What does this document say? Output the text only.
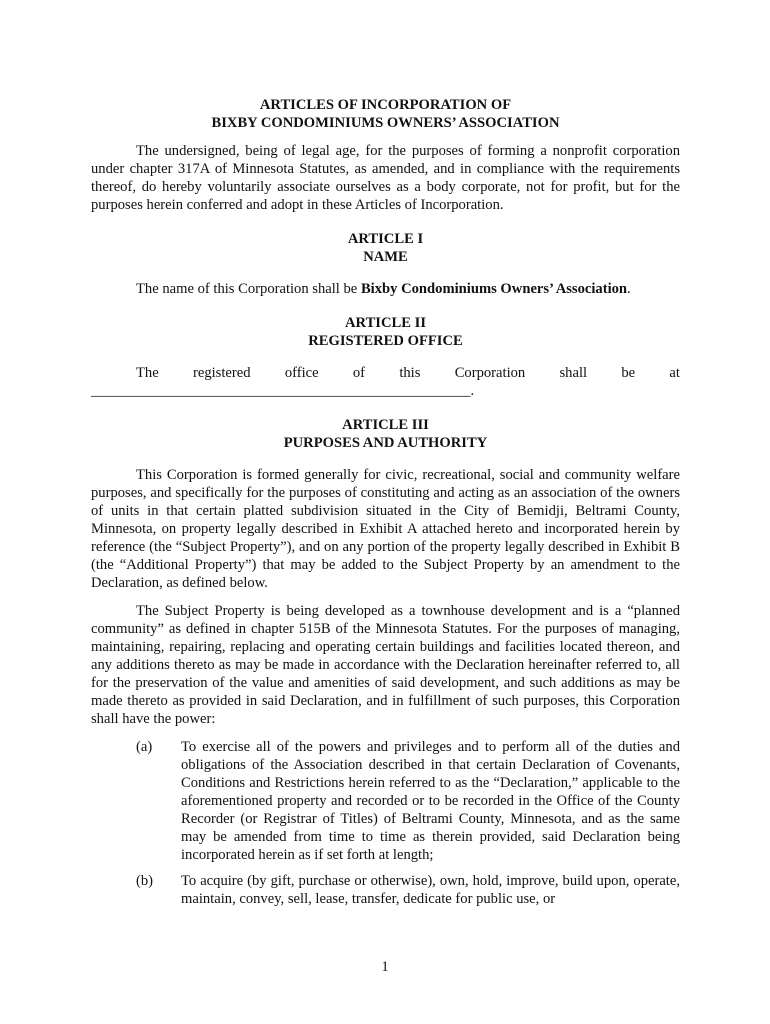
ARTICLES OF INCORPORATION OF
BIXBY CONDOMINIUMS OWNERS’ ASSOCIATION

The undersigned, being of legal age, for the purposes of forming a nonprofit corporation under chapter 317A of Minnesota Statutes, as amended, and in compliance with the requirements thereof, do hereby voluntarily associate ourselves as a body corporate, not for profit, but for the purposes herein conferred and adopt in these Articles of Incorporation.

ARTICLE I
NAME

The name of this Corporation shall be Bixby Condominiums Owners’ Association.

ARTICLE II
REGISTERED OFFICE
The registered office of this Corporation shall be at
____________________________________________________.
ARTICLE III
PURPOSES AND AUTHORITY

This Corporation is formed generally for civic, recreational, social and community welfare purposes, and specifically for the purposes of constituting and acting as an association of the owners of units in that certain platted subdivision situated in the City of Bemidji, Beltrami County, Minnesota, on property legally described in Exhibit A attached hereto and incorporated herein by reference (the “Subject Property”), and on any portion of the property legally described in Exhibit B (the “Additional Property”) that may be added to the Subject Property by an amendment to the Declaration, as defined below.

The Subject Property is being developed as a townhouse development and is a “planned community” as defined in chapter 515B of the Minnesota Statutes. For the purposes of managing, maintaining, repairing, replacing and operating certain buildings and facilities located thereon, and any additions thereto as may be made in accordance with the Declaration hereinafter referred to, all for the preservation of the value and amenities of said development, and such additions as may be made thereto as provided in said Declaration, and in fulfillment of such purposes, this Corporation shall have the power:

(a)	To exercise all of the powers and privileges and to perform all of the duties and obligations of the Association described in that certain Declaration of Covenants, Conditions and Restrictions herein referred to as the “Declaration,” applicable to the aforementioned property and recorded or to be recorded in the Office of the County Recorder (or Registrar of Titles) of Beltrami County, Minnesota, and as the same may be amended from time to time as therein provided, said Declaration being incorporated herein as if set forth at length;
(b)	To acquire (by gift, purchase or otherwise), own, hold, improve, build upon, operate, maintain, convey, sell, lease, transfer, dedicate for public use, or
1
